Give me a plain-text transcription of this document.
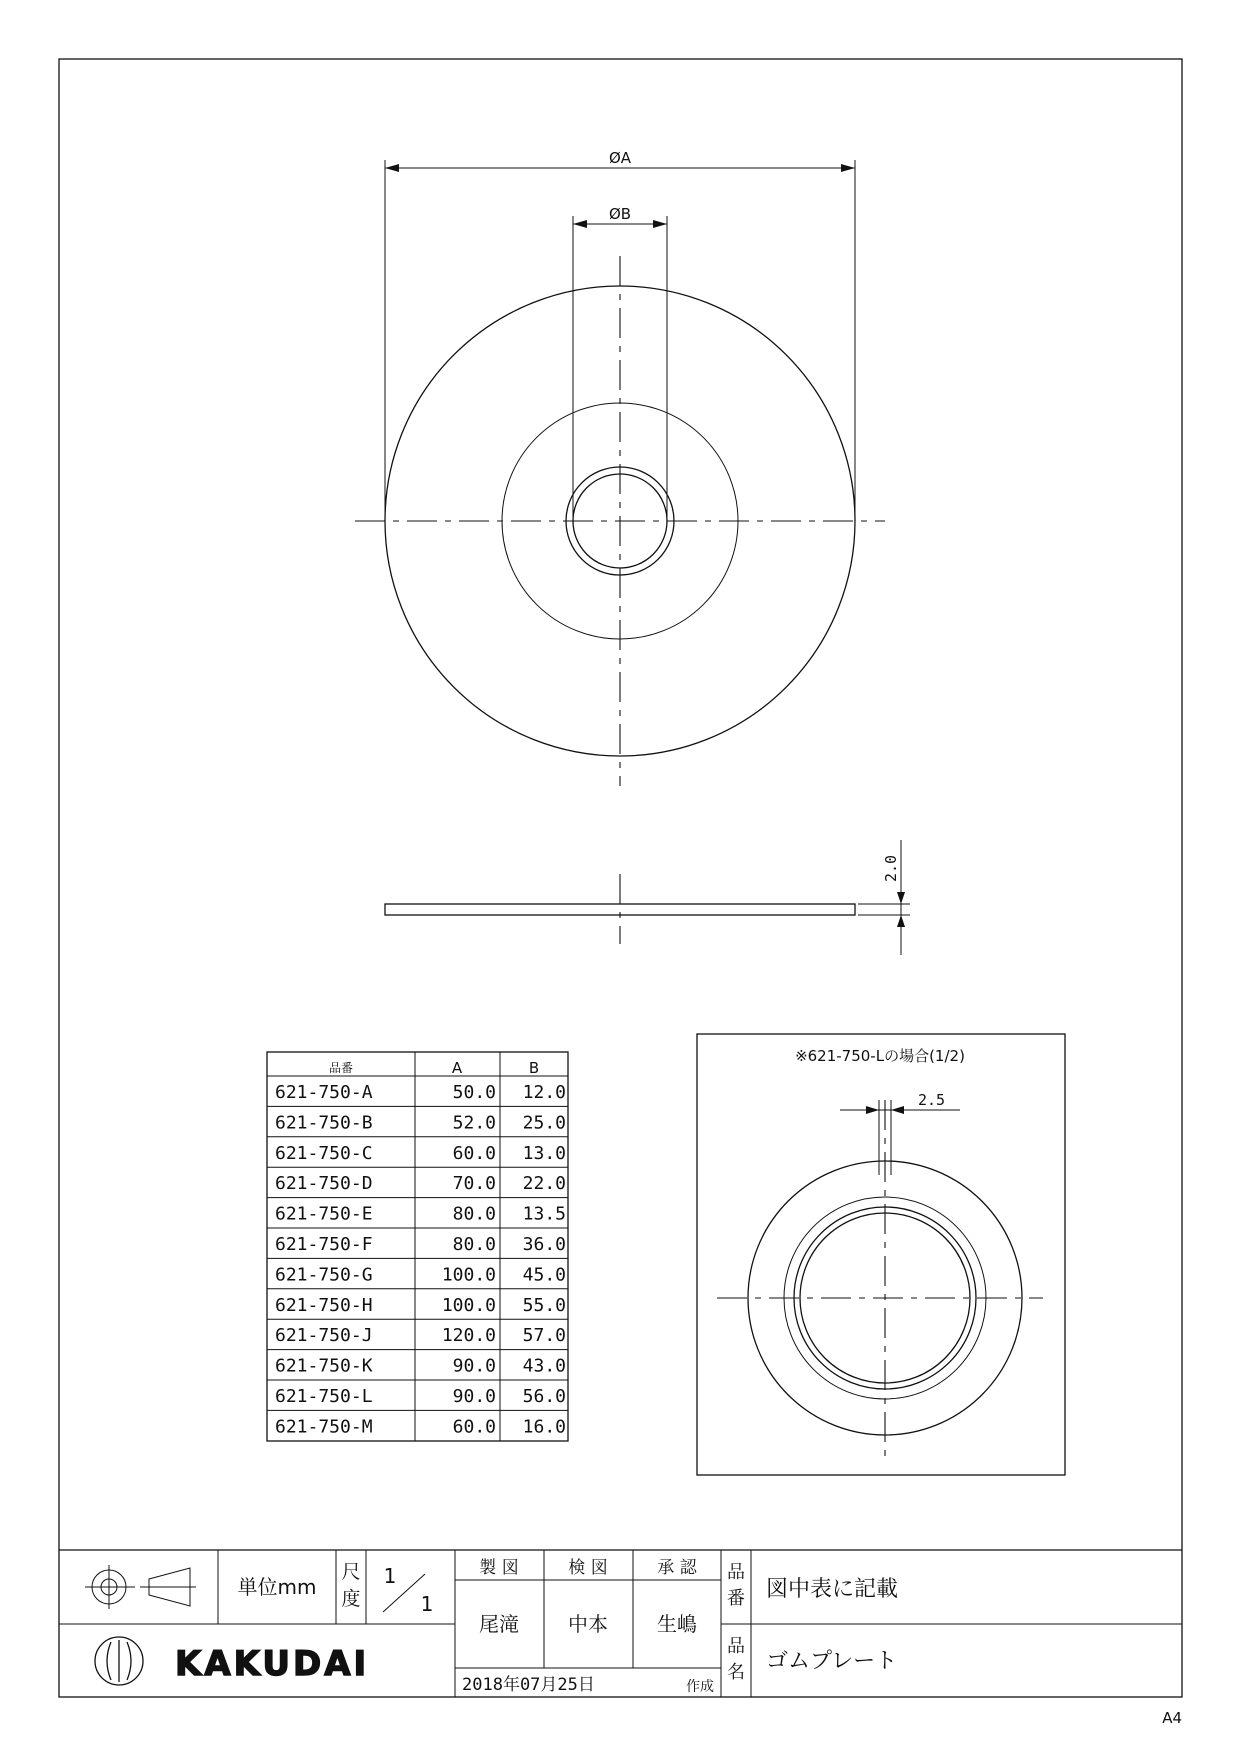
ØA
ØB
2.0
品番	A	B
621-750-A	50.0 12.0
621-750-B	52.0 25.0
621-750-C	60.0 13.0
621-750-D	70.0 22.0
621-750-E	80.0 13.5
621-750-F	80.0 36.0
621-750-G	100.0 45.0
621-750-H	100.0 55.0
621-750-J	120.0 57.0
621-750-K	90.0 43.0
621-750-L	90.0 56.0
621-750-M	60.0 16.0
※621-750-Lの場合(1/2)
2.5
単位mm
尺
度
1
1
製 図	検 図	承 認
尾滝 中本 生嶋
2018年07月25日	作成
品
番 図中表に記載
品
名 ゴムプレート
KAKUDAI
A4
